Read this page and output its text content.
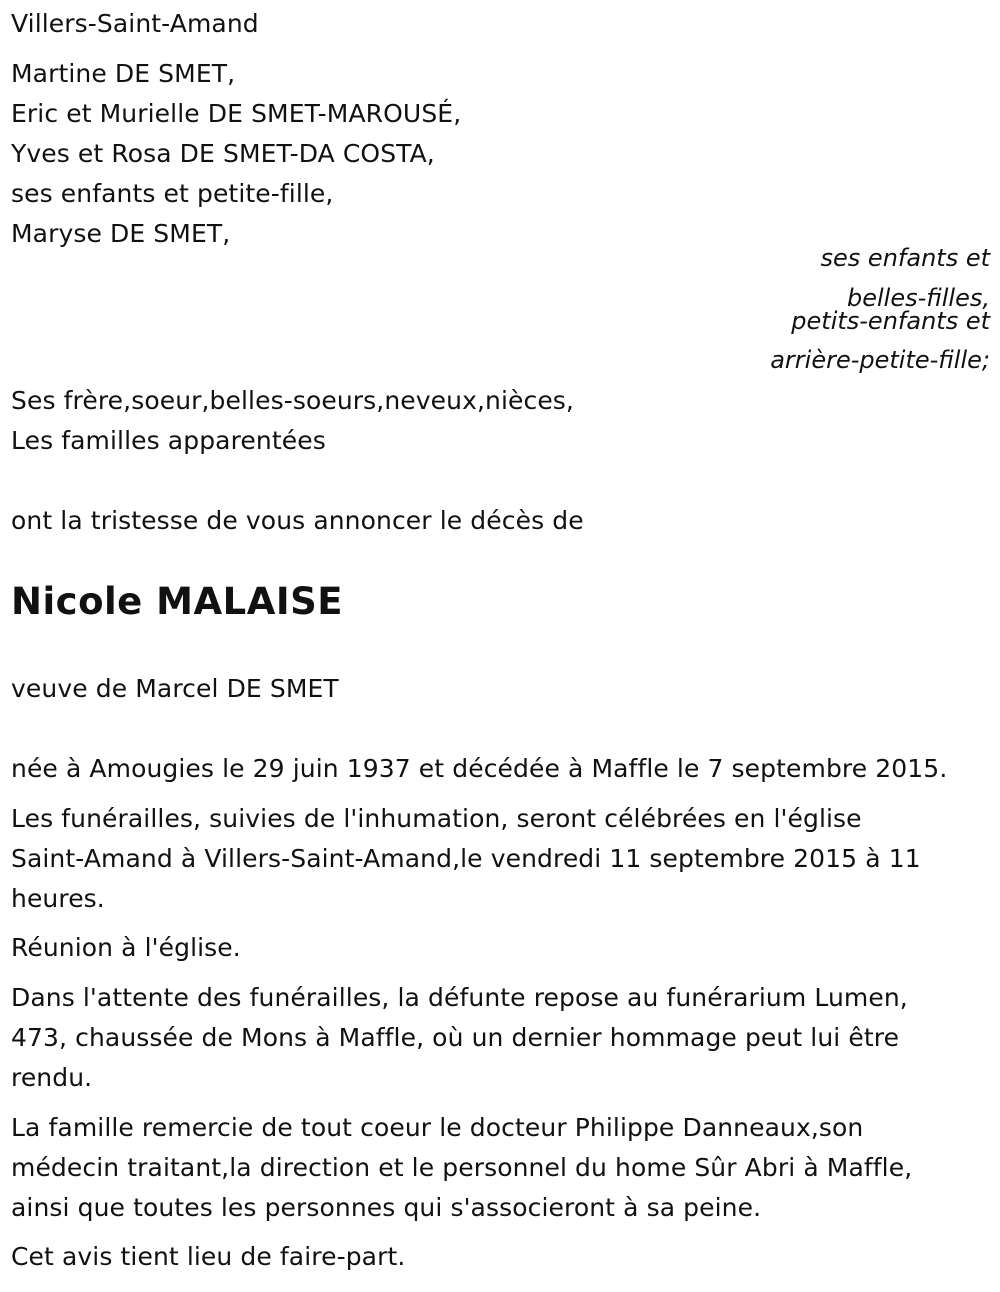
Villers-Saint-Amand
Martine DE SMET,
Eric et Murielle DE SMET-MAROUSÉ,
Yves et Rosa DE SMET-DA COSTA,
ses enfants et petite-fille,
Maryse DE SMET,
ses enfants et
belles-filles,
petits-enfants et
arrière-petite-fille;
Ses frère,soeur,belles-soeurs,neveux,nièces,
Les familles apparentées
ont la tristesse de vous annoncer le décès de
Nicole MALAISE
veuve de Marcel DE SMET
née à Amougies le 29 juin 1937 et décédée à Maffle le 7 septembre 2015.
Les funérailles, suivies de l'inhumation, seront célébrées en l'église
Saint-Amand à Villers-Saint-Amand,le vendredi 11 septembre 2015 à 11
heures.
Réunion à l'église.
Dans l'attente des funérailles, la défunte repose au funérarium Lumen,
473, chaussée de Mons à Maffle, où un dernier hommage peut lui être
rendu.
La famille remercie de tout coeur le docteur Philippe Danneaux,son
médecin traitant,la direction et le personnel du home Sûr Abri à Maffle,
ainsi que toutes les personnes qui s'associeront à sa peine.
Cet avis tient lieu de faire-part.
